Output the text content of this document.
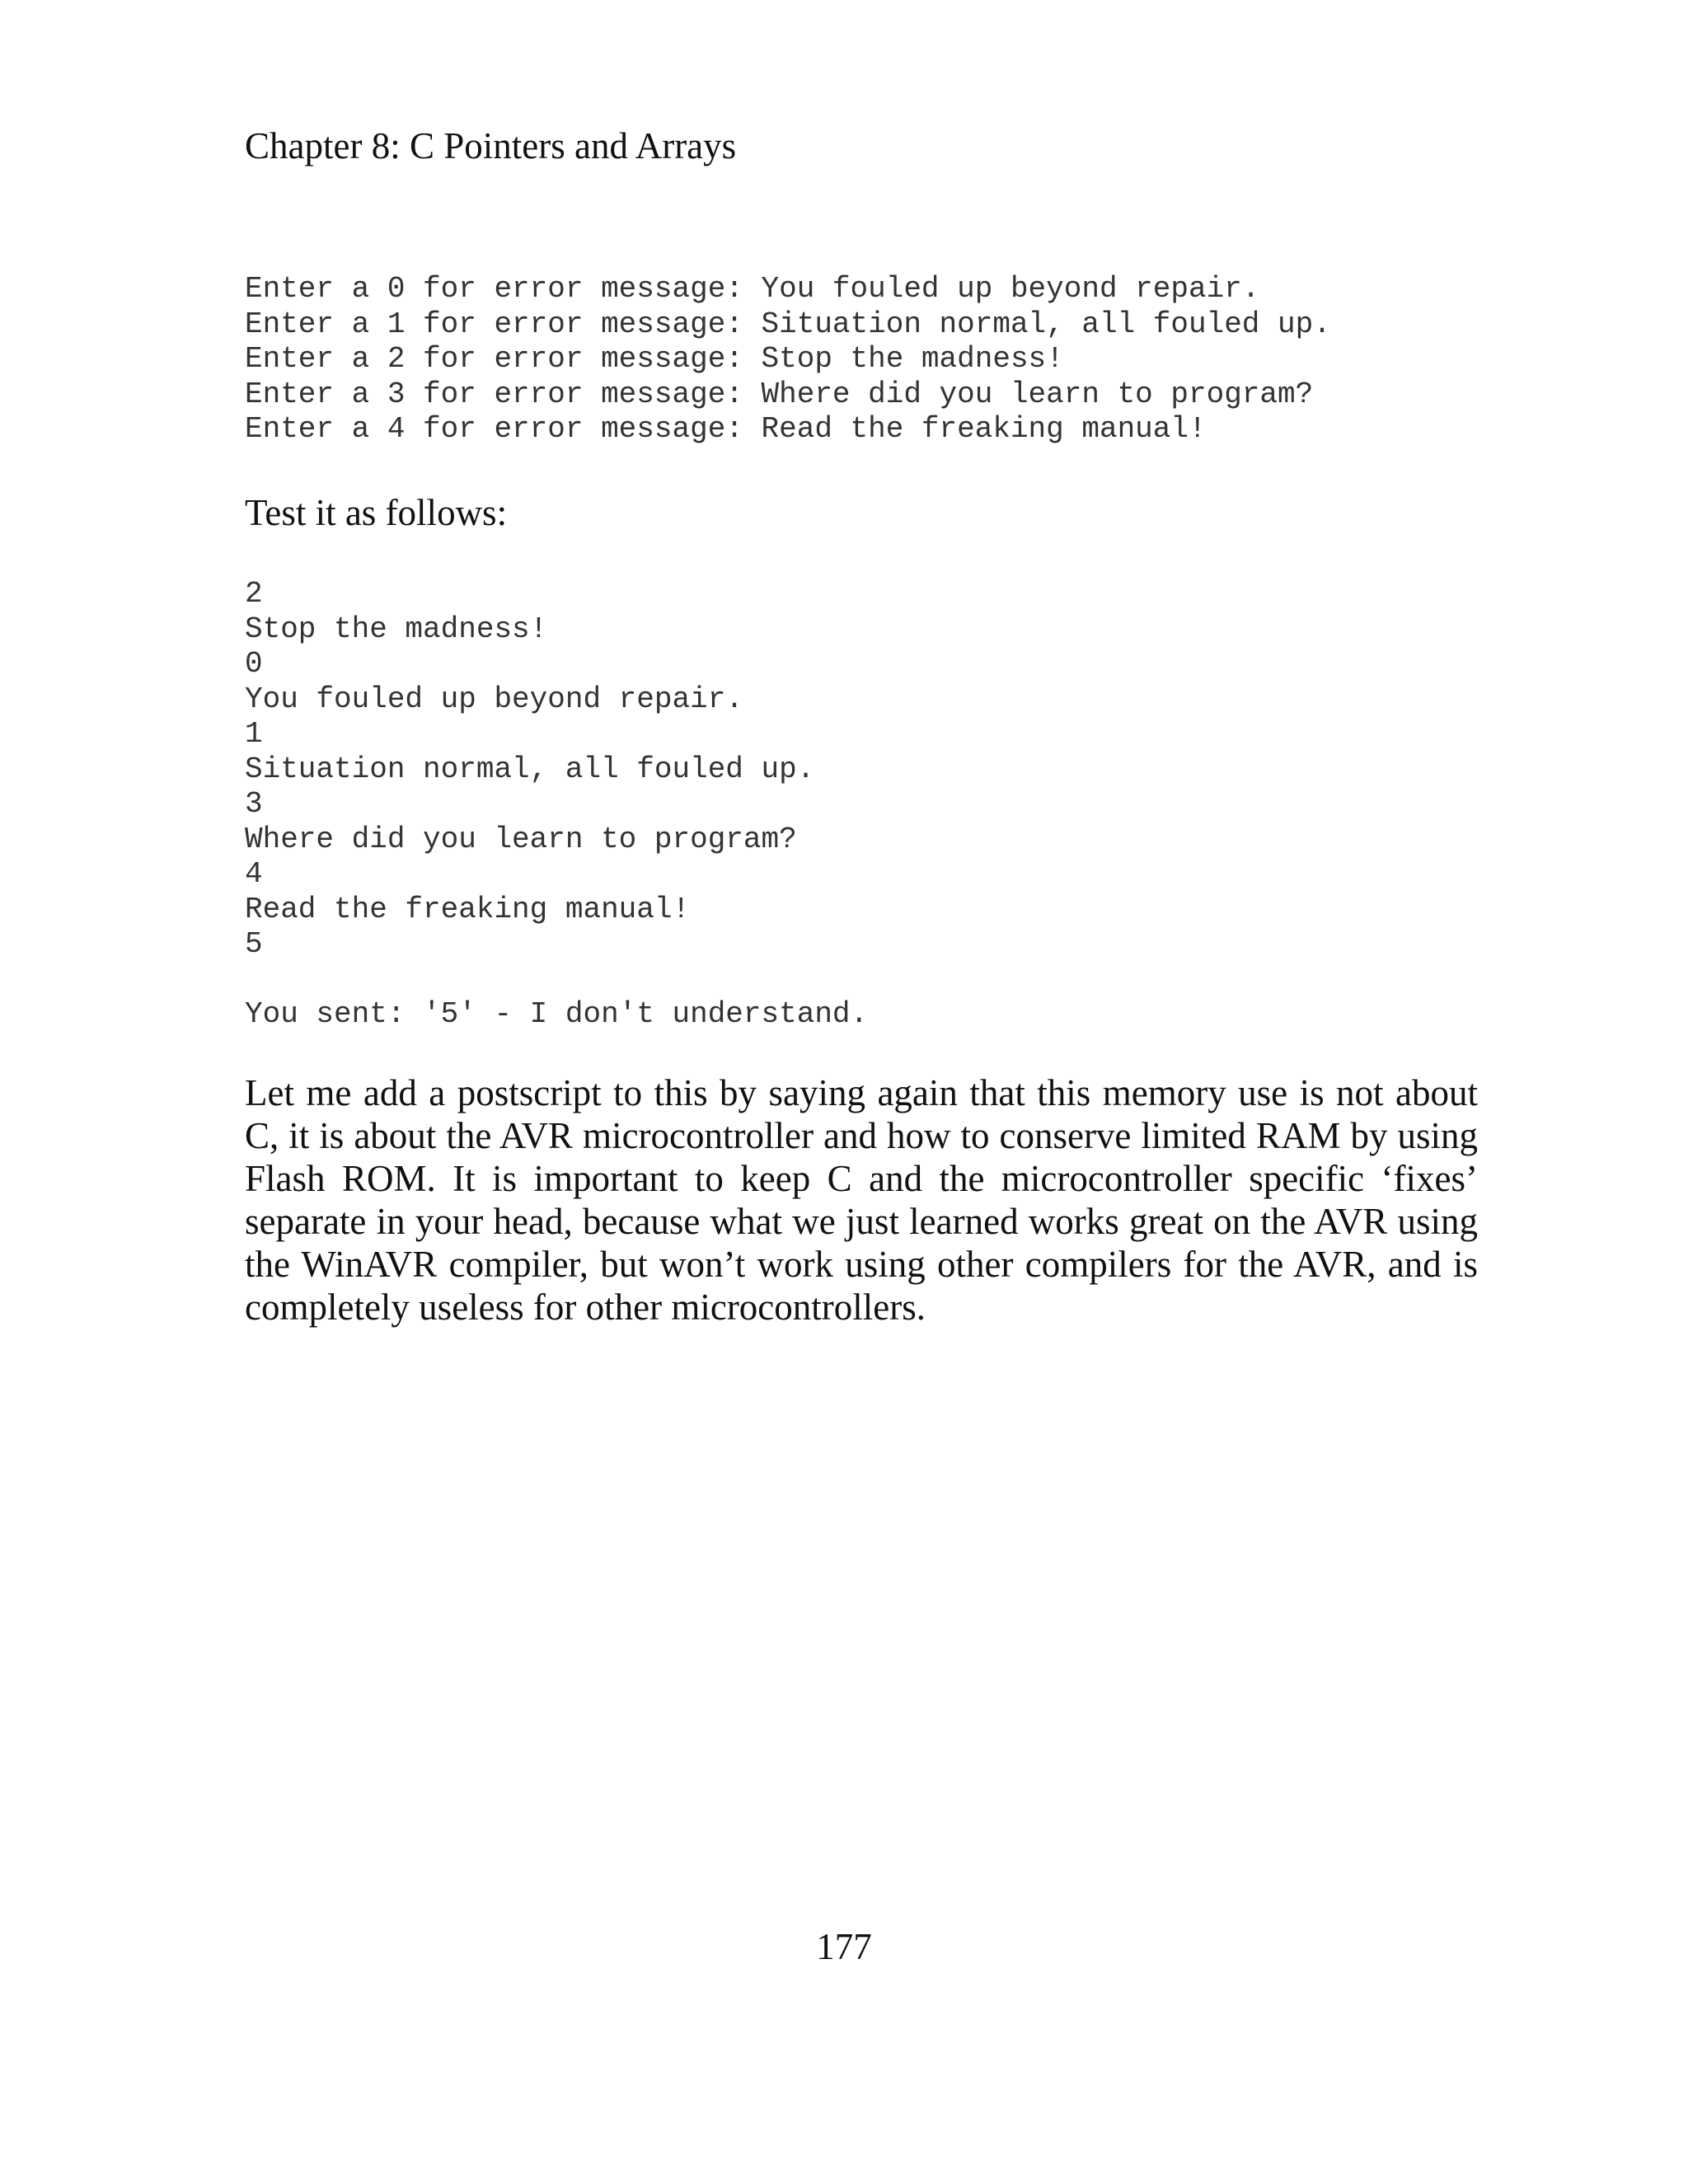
Chapter 8: C Pointers and Arrays
Enter a 0 for error message: You fouled up beyond repair.
Enter a 1 for error message: Situation normal, all fouled up.
Enter a 2 for error message: Stop the madness!
Enter a 3 for error message: Where did you learn to program?
Enter a 4 for error message: Read the freaking manual!

Test it as follows:

2
Stop the madness!
0
You fouled up beyond repair.
1
Situation normal, all fouled up.
3
Where did you learn to program?
4
Read the freaking manual!
5
You sent: '5' - I don't understand.

Let me add a postscript to this by saying again that this memory use is not about C, it is about the AVR microcontroller and how to conserve limited RAM by using Flash ROM. It is important to keep C and the microcontroller specific ‘fixes’ separate in your head, because what we just learned works great on the AVR using the WinAVR compiler, but won’t work using other compilers for the AVR, and is completely useless for other microcontrollers.

177
